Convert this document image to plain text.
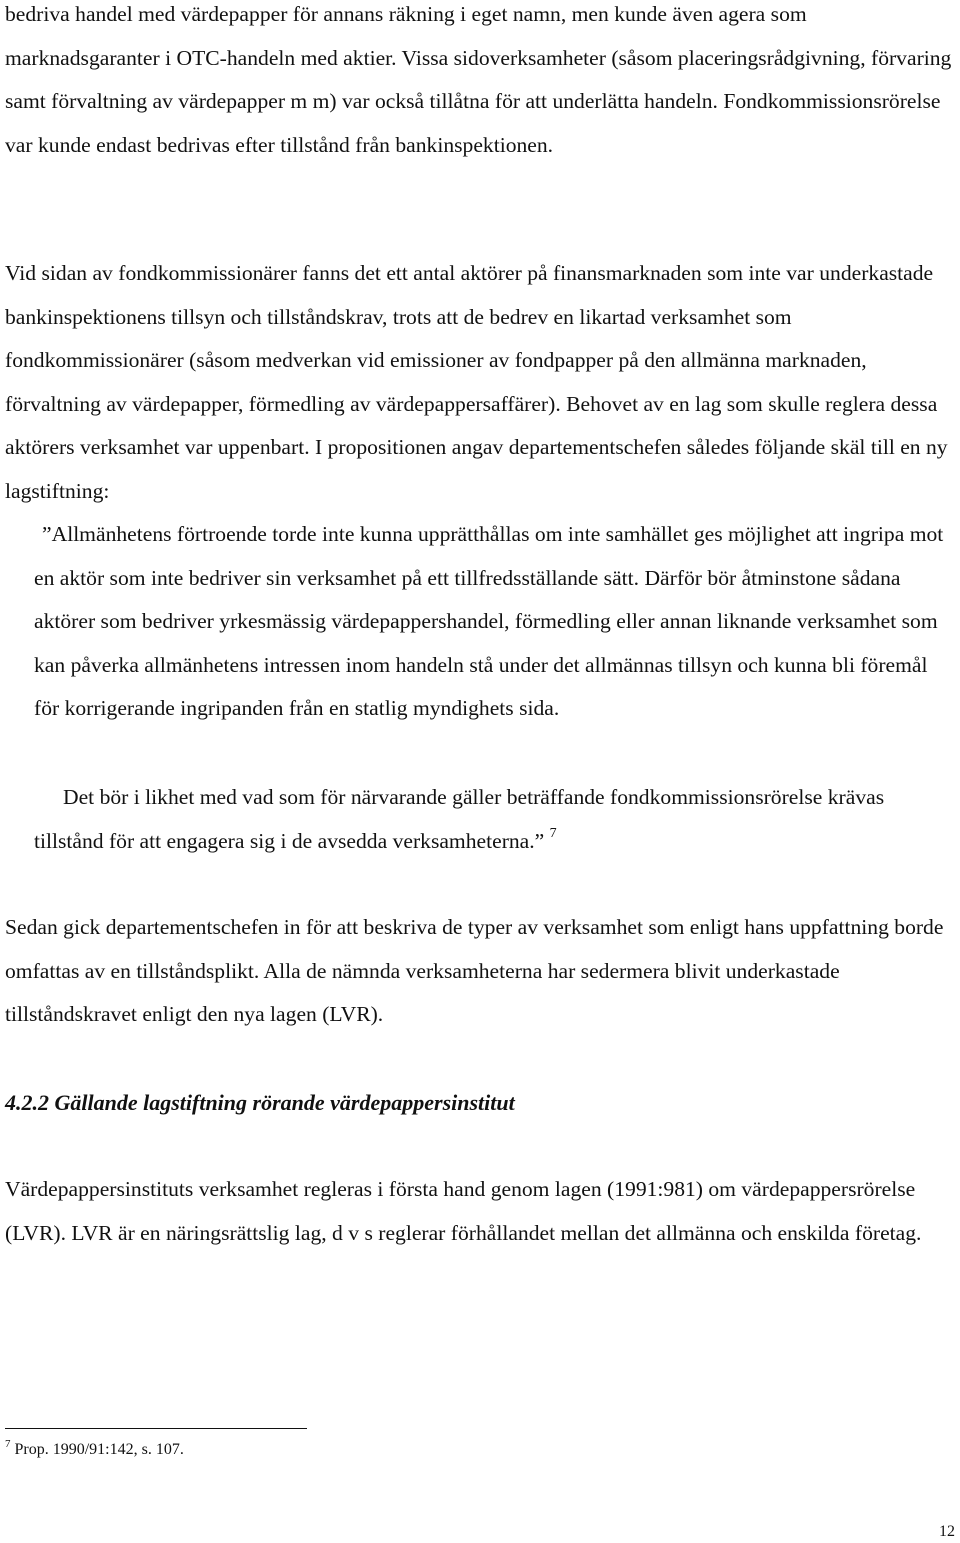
bedriva handel med värdepapper för annans räkning i eget namn, men kunde även agera som marknadsgaranter i OTC-handeln med aktier. Vissa sidoverksamheter (såsom placeringsrådgivning, förvaring samt förvaltning av värdepapper m m) var också tillåtna för att underlätta handeln. Fondkommissionsrörelse var kunde endast bedrivas efter tillstånd från bankinspektionen.

Vid sidan av fondkommissionärer fanns det ett antal aktörer på finansmarknaden som inte var underkastade bankinspektionens tillsyn och tillståndskrav, trots att de bedrev en likartad verksamhet som fondkommissionärer (såsom medverkan vid emissioner av fondpapper på den allmänna marknaden, förvaltning av värdepapper, förmedling av värdepappersaffärer). Behovet av en lag som skulle reglera dessa aktörers verksamhet var uppenbart. I propositionen angav departementschefen således följande skäl till en ny lagstiftning:

”Allmänhetens förtroende torde inte kunna upprätthållas om inte samhället ges möjlighet att ingripa mot en aktör som inte bedriver sin verksamhet på ett tillfredsställande sätt. Därför bör åtminstone sådana aktörer som bedriver yrkesmässig värdepappershandel, förmedling eller annan liknande verksamhet som kan påverka allmänhetens intressen inom handeln stå under det allmännas tillsyn och kunna bli föremål för korrigerande ingripanden från en statlig myndighets sida.

Det bör i likhet med vad som för närvarande gäller beträffande fondkommissionsrörelse krävas tillstånd för att engagera sig i de avsedda verksamheterna.” $^7$

Sedan gick departementschefen in för att beskriva de typer av verksamhet som enligt hans uppfattning borde omfattas av en tillståndsplikt. Alla de nämnda verksamheterna har sedermera blivit underkastade tillståndskravet enligt den nya lagen (LVR).

4.2.2 Gällande lagstiftning rörande värdepappersinstitut

Värdepappersinstituts verksamhet regleras i första hand genom lagen (1991:981) om värdepappersrörelse (LVR). LVR är en näringsrättslig lag, d v s reglerar förhållandet mellan det allmänna och enskilda företag.

$^7$ Prop. 1990/91:142, s. 107.

12
